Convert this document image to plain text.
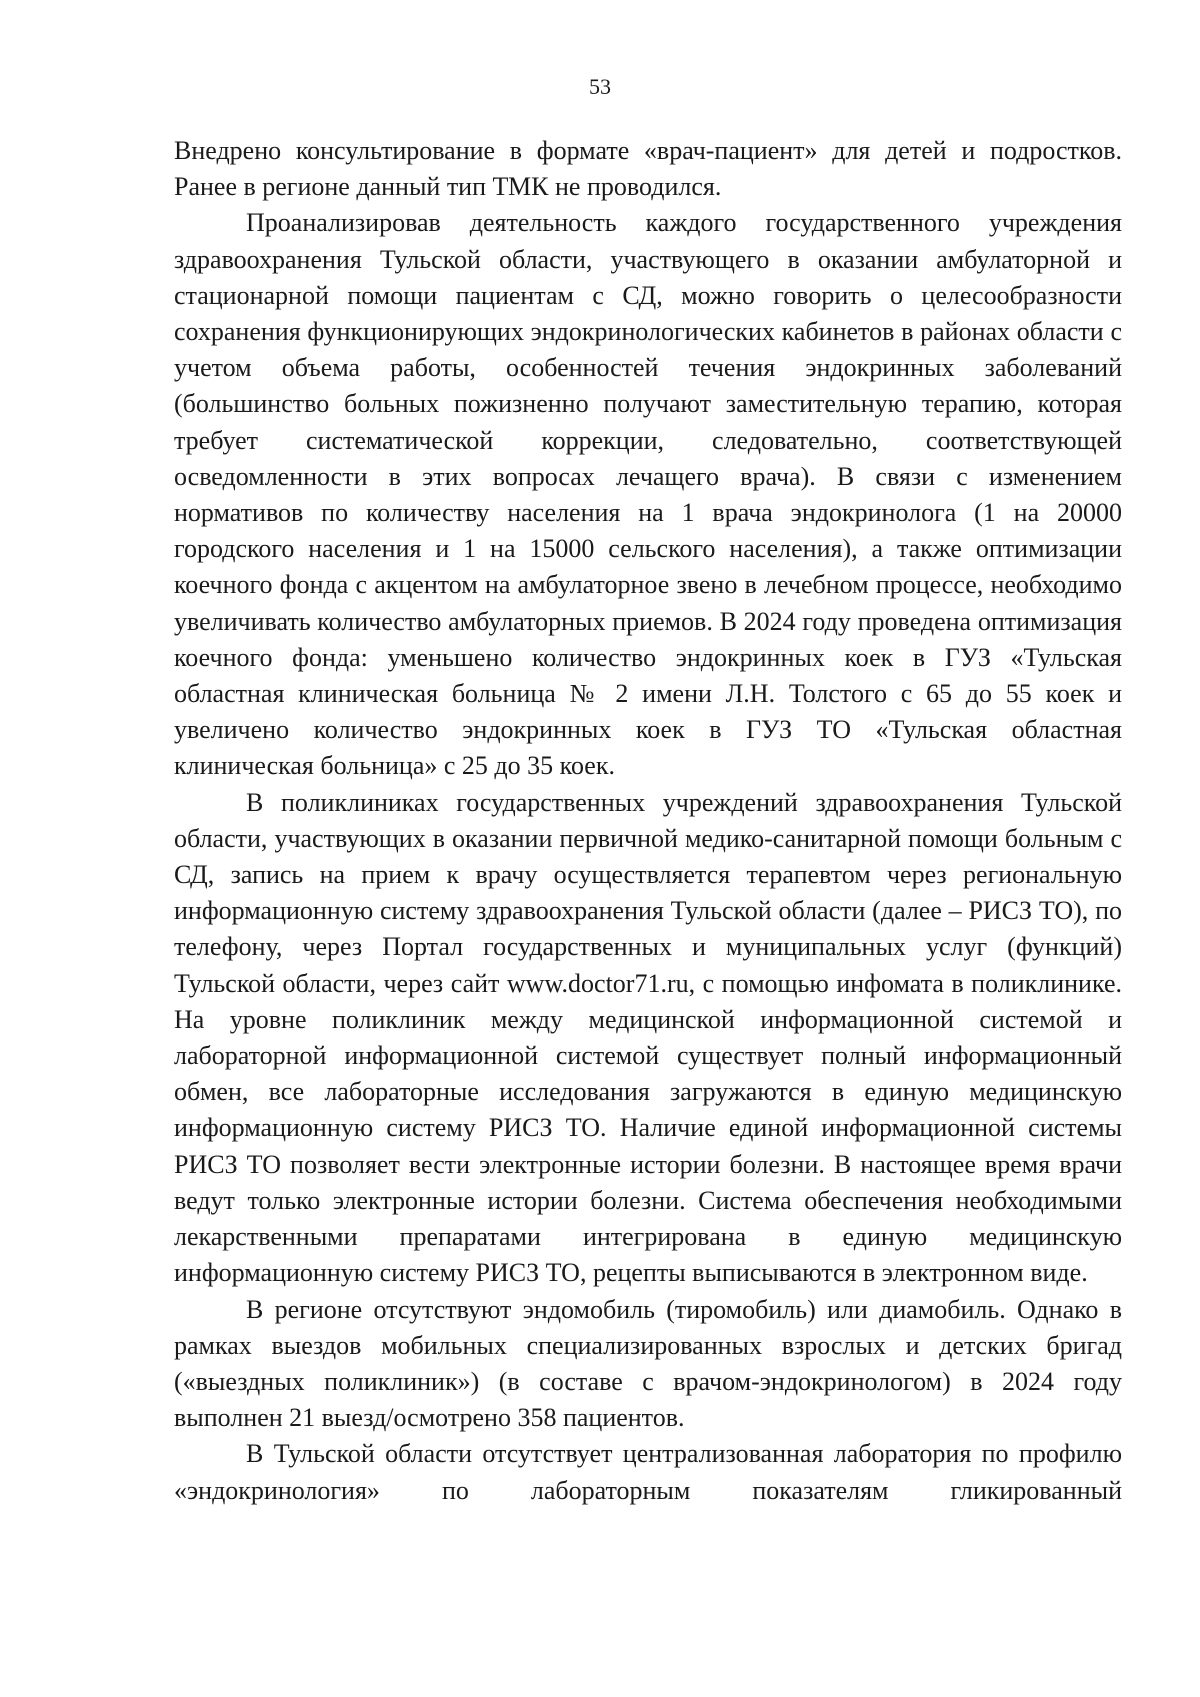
53

Внедрено консультирование в формате «врач-пациент» для детей и подростков. Ранее в регионе данный тип ТМК не проводился.

Проанализировав деятельность каждого государственного учреждения здравоохранения Тульской области, участвующего в оказании амбулаторной и стационарной помощи пациентам с СД, можно говорить о целесообразности сохранения функционирующих эндокринологических кабинетов в районах области с учетом объема работы, особенностей течения эндокринных заболеваний (большинство больных пожизненно получают заместительную терапию, которая требует систематической коррекции, следовательно, соответствующей осведомленности в этих вопросах лечащего врача). В связи с изменением нормативов по количеству населения на 1 врача эндокринолога (1 на 20000 городского населения и 1 на 15000 сельского населения), а также оптимизации коечного фонда с акцентом на амбулаторное звено в лечебном процессе, необходимо увеличивать количество амбулаторных приемов. В 2024 году проведена оптимизация коечного фонда: уменьшено количество эндокринных коек в ГУЗ «Тульская областная клиническая больница № 2 имени Л.Н. Толстого с 65 до 55 коек и увеличено количество эндокринных коек в ГУЗ ТО «Тульская областная клиническая больница» с 25 до 35 коек.

В поликлиниках государственных учреждений здравоохранения Тульской области, участвующих в оказании первичной медико-санитарной помощи больным с СД, запись на прием к врачу осуществляется терапевтом через региональную информационную систему здравоохранения Тульской области (далее – РИСЗ ТО), по телефону, через Портал государственных и муниципальных услуг (функций) Тульской области, через сайт www.doctor71.ru, с помощью инфомата в поликлинике. На уровне поликлиник между медицинской информационной системой и лабораторной информационной системой существует полный информационный обмен, все лабораторные исследования загружаются в единую медицинскую информационную систему РИСЗ ТО. Наличие единой информационной системы РИСЗ ТО позволяет вести электронные истории болезни. В настоящее время врачи ведут только электронные истории болезни. Система обеспечения необходимыми лекарственными препаратами интегрирована в единую медицинскую информационную систему РИСЗ ТО, рецепты выписываются в электронном виде.

В регионе отсутствуют эндомобиль (тиромобиль) или диамобиль. Однако в рамках выездов мобильных специализированных взрослых и детских бригад («выездных поликлиник») (в составе с врачом-эндокринологом) в 2024 году выполнен 21 выезд/осмотрено 358 пациентов.

В Тульской области отсутствует централизованная лаборатория по профилю «эндокринология» по лабораторным показателям гликированный
